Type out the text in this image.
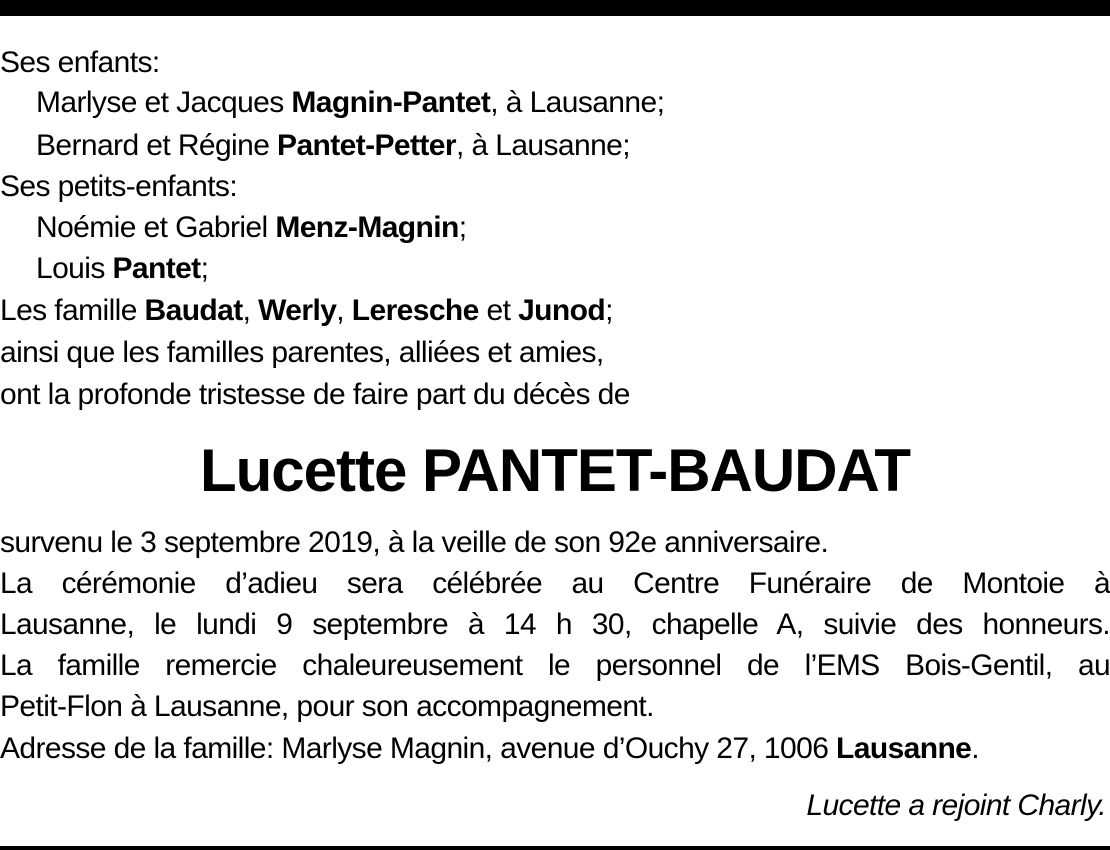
Ses enfants:
Marlyse et Jacques Magnin-Pantet, à Lausanne;
Bernard et Régine Pantet-Petter, à Lausanne;
Ses petits-enfants:
Noémie et Gabriel Menz-Magnin;
Louis Pantet;
Les famille Baudat, Werly, Leresche et Junod;
ainsi que les familles parentes, alliées et amies,
ont la profonde tristesse de faire part du décès de
Lucette PANTET-BAUDAT
survenu le 3 septembre 2019, à la veille de son 92e anniversaire.
La cérémonie d’adieu sera célébrée au Centre Funéraire de Montoie à
Lausanne, le lundi 9 septembre à 14 h 30, chapelle A, suivie des honneurs.
La famille remercie chaleureusement le personnel de l’EMS Bois-Gentil, au
Petit-Flon à Lausanne, pour son accompagnement.
Adresse de la famille: Marlyse Magnin, avenue d’Ouchy 27, 1006 Lausanne.
Lucette a rejoint Charly.
